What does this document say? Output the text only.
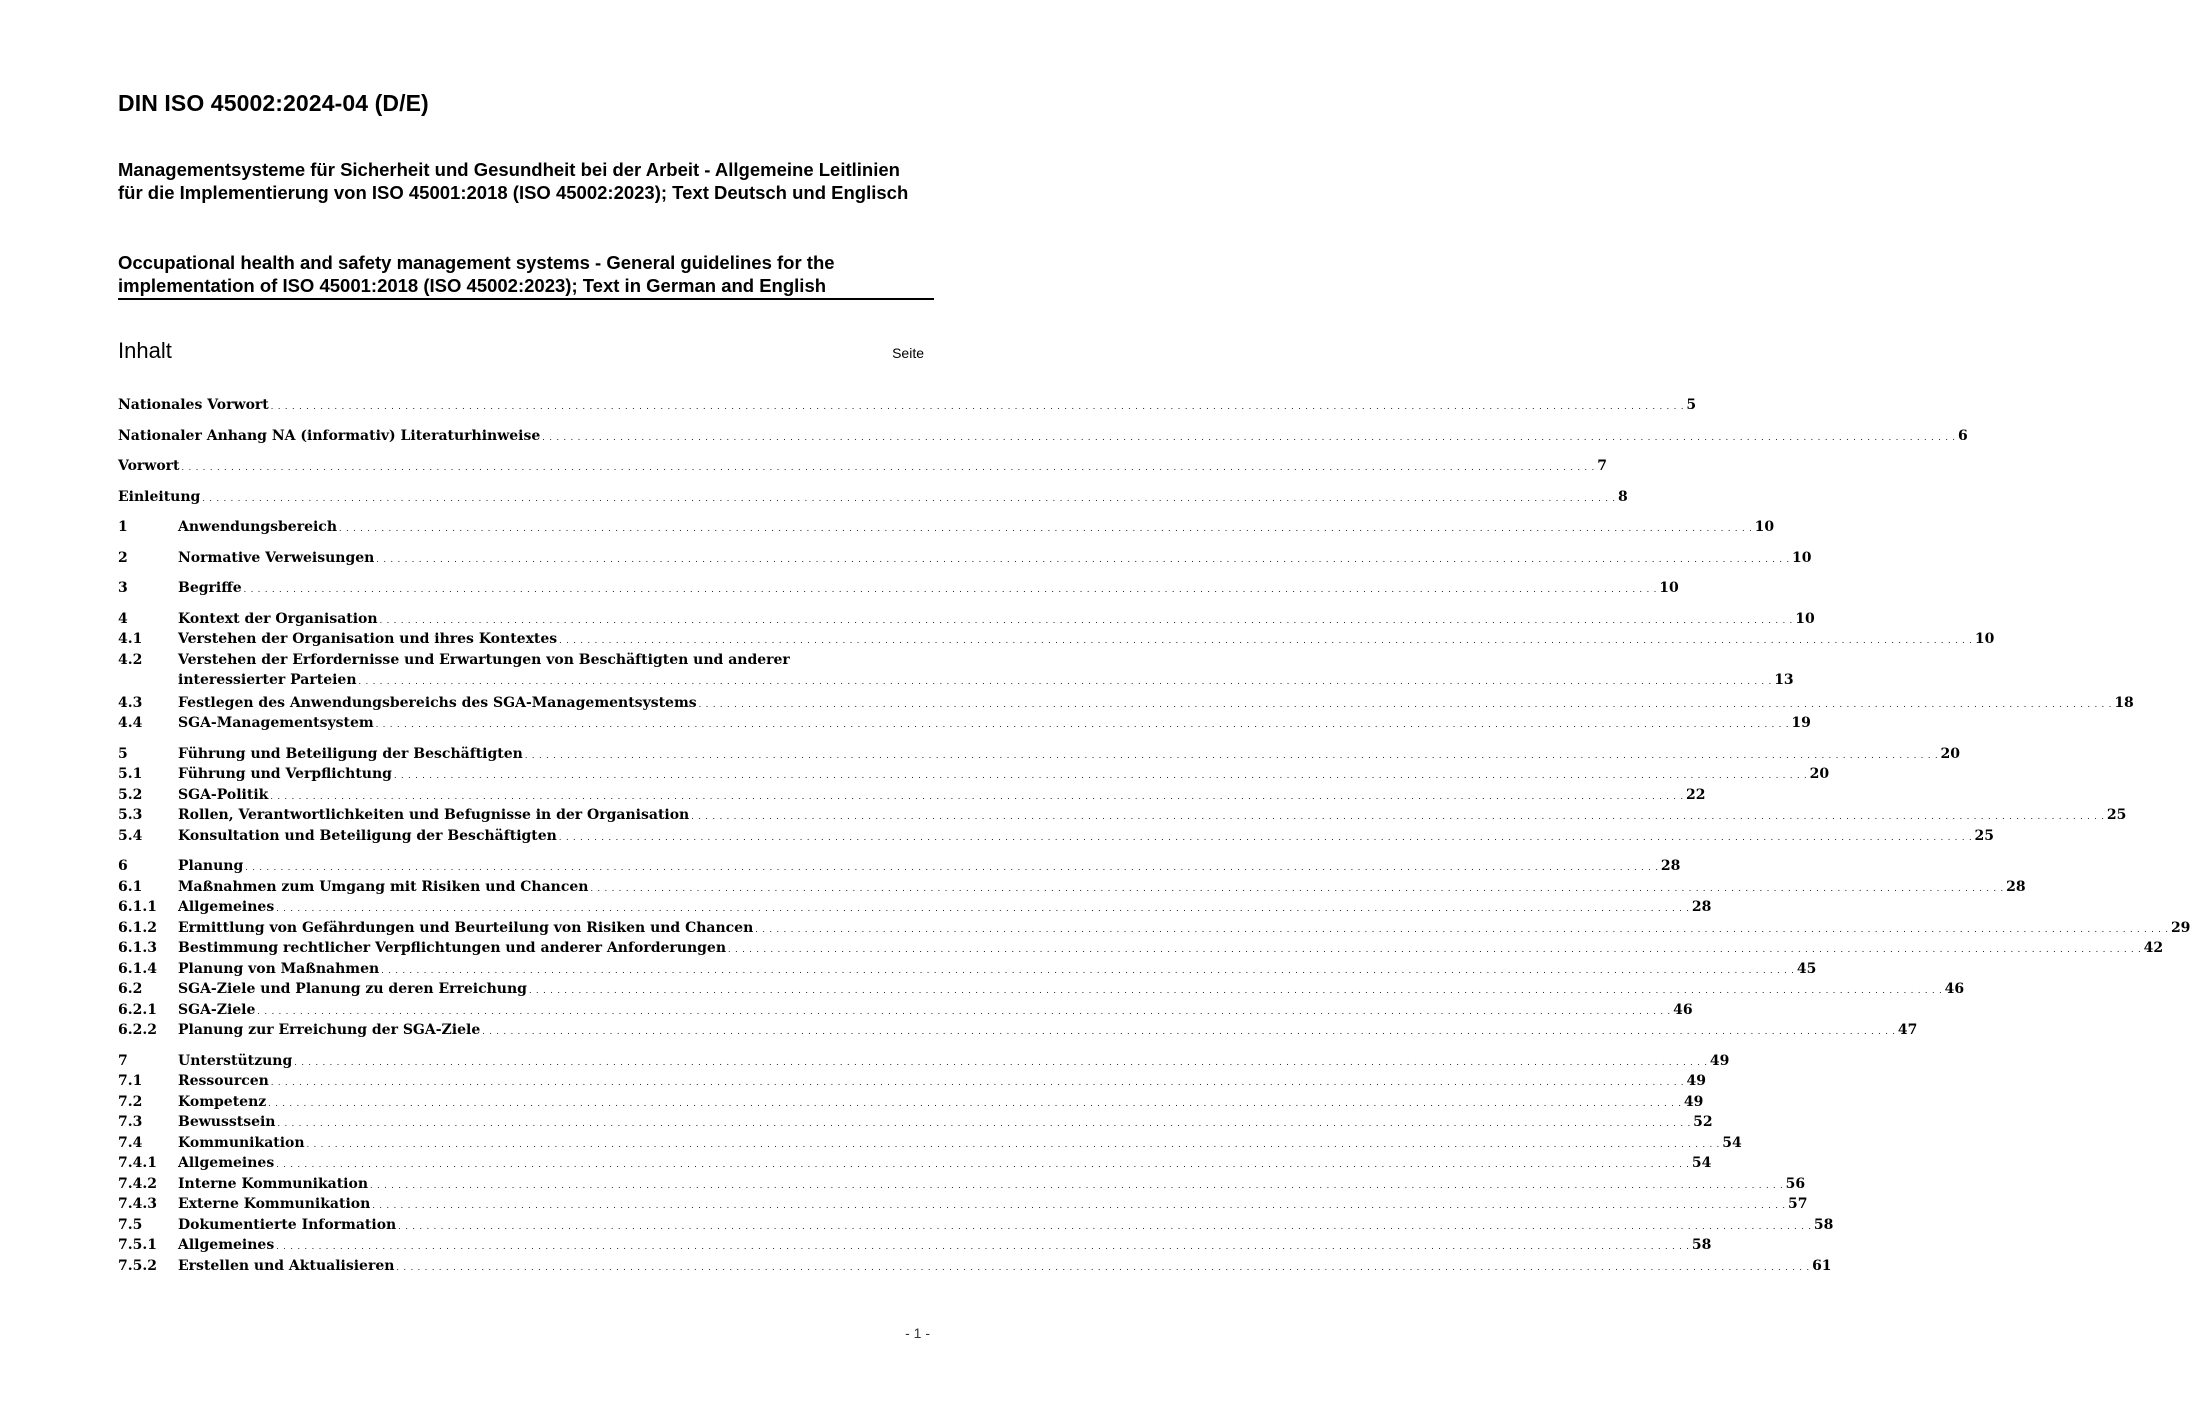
DIN ISO 45002:2024-04 (D/E)
Managementsysteme für Sicherheit und Gesundheit bei der Arbeit - Allgemeine Leitlinien für die Implementierung von ISO 45001:2018 (ISO 45002:2023); Text Deutsch und Englisch
Occupational health and safety management systems - General guidelines for the implementation of ISO 45001:2018 (ISO 45002:2023); Text in German and English
Inhalt	Seite
Nationales Vorwort . . . . . . . . . . . . . . . . . . . . . . . . . . . . . . . . . . . . . . . . . . . . . . . . . . . . . . . . . . . . . . . . . . . . . . . . . . . . . . . . . . . . . . . . . . . . . . . . . . . . . . . . . . . . . . . . . . . . . . . . . . . . . . . . . . . . . . . . . . . . . . . . . . . . . . . . . . . . . . . . . . . . . . . . . . . . . . . . . . . . . . . . . . . . . . . . . . . . . . . . 5
Nationaler Anhang NA (informativ) Literaturhinweise . . . . . . . . . . . . . . . . . . . . . . . . . . . . . . . . . . . . . . . . . . . . . . . . . . . . . . . . . . . . . . . . . . . . . . . . . . . . . . . . . . . . . . . . . . . . . . . . . . . . . . . . . . . . . . . . . . . . . . . . . . . . . . . . . . . . . . . . . . . . . . . . . . . . . . . . . . . . . . . . . . . . . . . . . . . . . . . . . . . . . . . . . . . . . . . . . . . . . . . . 6
Vorwort . . . . . . . . . . . . . . . . . . . . . . . . . . . . . . . . . . . . . . . . . . . . . . . . . . . . . . . . . . . . . . . . . . . . . . . . . . . . . . . . . . . . . . . . . . . . . . . . . . . . . . . . . . . . . . . . . . . . . . . . . . . . . . . . . . . . . . . . . . . . . . . . . . . . . . . . . . . . . . . . . . . . . . . . . . . . . . . . . . . . . . . . . . . . . . . . . . . . . . . . 7
Einleitung . . . . . . . . . . . . . . . . . . . . . . . . . . . . . . . . . . . . . . . . . . . . . . . . . . . . . . . . . . . . . . . . . . . . . . . . . . . . . . . . . . . . . . . . . . . . . . . . . . . . . . . . . . . . . . . . . . . . . . . . . . . . . . . . . . . . . . . . . . . . . . . . . . . . . . . . . . . . . . . . . . . . . . . . . . . . . . . . . . . . . . . . . . . . . . . . . . . . . . . . 8
1	Anwendungsbereich . . . . . . . . . . . . . . . . . . . . . . . . . . . . . . . . . . . . . . . . . . . . . . . . . . . . . . . . . . . . . . . . . . . . . . . . . . . . . . . . . . . . . . . . . . . . . . . . . . . . . . . . . . . . . . . . . . . . . . . . . . . . . . . . . . . . . . . . . . . . . . . . . . . . . . . . . . . . . . . . . . . . . . . . . . . . . . . . . . . . . . . . . . . . . . . . . . . . . . . . 10
2	Normative Verweisungen . . . . . . . . . . . . . . . . . . . . . . . . . . . . . . . . . . . . . . . . . . . . . . . . . . . . . . . . . . . . . . . . . . . . . . . . . . . . . . . . . . . . . . . . . . . . . . . . . . . . . . . . . . . . . . . . . . . . . . . . . . . . . . . . . . . . . . . . . . . . . . . . . . . . . . . . . . . . . . . . . . . . . . . . . . . . . . . . . . . . . . . . . . . . . . . . . . . . . . . . 10
3	Begriffe . . . . . . . . . . . . . . . . . . . . . . . . . . . . . . . . . . . . . . . . . . . . . . . . . . . . . . . . . . . . . . . . . . . . . . . . . . . . . . . . . . . . . . . . . . . . . . . . . . . . . . . . . . . . . . . . . . . . . . . . . . . . . . . . . . . . . . . . . . . . . . . . . . . . . . . . . . . . . . . . . . . . . . . . . . . . . . . . . . . . . . . . . . . . . . . . . . . . . . . . 10
4	Kontext der Organisation . . . . . . . . . . . . . . . . . . . . . . . . . . . . . . . . . . . . . . . . . . . . . . . . . . . . . . . . . . . . . . . . . . . . . . . . . . . . . . . . . . . . . . . . . . . . . . . . . . . . . . . . . . . . . . . . . . . . . . . . . . . . . . . . . . . . . . . . . . . . . . . . . . . . . . . . . . . . . . . . . . . . . . . . . . . . . . . . . . . . . . . . . . . . . . . . . . . . . . . . 10
4.1	Verstehen der Organisation und ihres Kontextes . . . . . . . . . . . . . . . . . . . . . . . . . . . . . . . . . . . . . . . . . . . . . . . . . . . . . . . . . . . . . . . . . . . . . . . . . . . . . . . . . . . . . . . . . . . . . . . . . . . . . . . . . . . . . . . . . . . . . . . . . . . . . . . . . . . . . . . . . . . . . . . . . . . . . . . . . . . . . . . . . . . . . . . . . . . . . . . . . . . . . . . . . . . . . . . . . . . . . . . . 10
4.2	Verstehen der Erfordernisse und Erwartungen von Beschäftigten und anderer
interessierter Parteien . . . . . . . . . . . . . . . . . . . . . . . . . . . . . . . . . . . . . . . . . . . . . . . . . . . . . . . . . . . . . . . . . . . . . . . . . . . . . . . . . . . . . . . . . . . . . . . . . . . . . . . . . . . . . . . . . . . . . . . . . . . . . . . . . . . . . . . . . . . . . . . . . . . . . . . . . . . . . . . . . . . . . . . . . . . . . . . . . . . . . . . . . . . . . . . . . . . . . . . . 13
4.3	Festlegen des Anwendungsbereichs des SGA-Managementsystems . . . . . . . . . . . . . . . . . . . . . . . . . . . . . . . . . . . . . . . . . . . . . . . . . . . . . . . . . . . . . . . . . . . . . . . . . . . . . . . . . . . . . . . . . . . . . . . . . . . . . . . . . . . . . . . . . . . . . . . . . . . . . . . . . . . . . . . . . . . . . . . . . . . . . . . . . . . . . . . . . . . . . . . . . . . . . . . . . . . . . . . . . . . . . . . . . . . . . . . . 18
4.4	SGA-Managementsystem . . . . . . . . . . . . . . . . . . . . . . . . . . . . . . . . . . . . . . . . . . . . . . . . . . . . . . . . . . . . . . . . . . . . . . . . . . . . . . . . . . . . . . . . . . . . . . . . . . . . . . . . . . . . . . . . . . . . . . . . . . . . . . . . . . . . . . . . . . . . . . . . . . . . . . . . . . . . . . . . . . . . . . . . . . . . . . . . . . . . . . . . . . . . . . . . . . . . . . . . 19
5	Führung und Beteiligung der Beschäftigten . . . . . . . . . . . . . . . . . . . . . . . . . . . . . . . . . . . . . . . . . . . . . . . . . . . . . . . . . . . . . . . . . . . . . . . . . . . . . . . . . . . . . . . . . . . . . . . . . . . . . . . . . . . . . . . . . . . . . . . . . . . . . . . . . . . . . . . . . . . . . . . . . . . . . . . . . . . . . . . . . . . . . . . . . . . . . . . . . . . . . . . . . . . . . . . . . . . . . . . . 20
5.1	Führung und Verpflichtung . . . . . . . . . . . . . . . . . . . . . . . . . . . . . . . . . . . . . . . . . . . . . . . . . . . . . . . . . . . . . . . . . . . . . . . . . . . . . . . . . . . . . . . . . . . . . . . . . . . . . . . . . . . . . . . . . . . . . . . . . . . . . . . . . . . . . . . . . . . . . . . . . . . . . . . . . . . . . . . . . . . . . . . . . . . . . . . . . . . . . . . . . . . . . . . . . . . . . . . . 20
5.2	SGA-Politik . . . . . . . . . . . . . . . . . . . . . . . . . . . . . . . . . . . . . . . . . . . . . . . . . . . . . . . . . . . . . . . . . . . . . . . . . . . . . . . . . . . . . . . . . . . . . . . . . . . . . . . . . . . . . . . . . . . . . . . . . . . . . . . . . . . . . . . . . . . . . . . . . . . . . . . . . . . . . . . . . . . . . . . . . . . . . . . . . . . . . . . . . . . . . . . . . . . . . . . . 22
5.3	Rollen, Verantwortlichkeiten und Befugnisse in der Organisation . . . . . . . . . . . . . . . . . . . . . . . . . . . . . . . . . . . . . . . . . . . . . . . . . . . . . . . . . . . . . . . . . . . . . . . . . . . . . . . . . . . . . . . . . . . . . . . . . . . . . . . . . . . . . . . . . . . . . . . . . . . . . . . . . . . . . . . . . . . . . . . . . . . . . . . . . . . . . . . . . . . . . . . . . . . . . . . . . . . . . . . . . . . . . . . . . . . . . . . . 25
5.4	Konsultation und Beteiligung der Beschäftigten . . . . . . . . . . . . . . . . . . . . . . . . . . . . . . . . . . . . . . . . . . . . . . . . . . . . . . . . . . . . . . . . . . . . . . . . . . . . . . . . . . . . . . . . . . . . . . . . . . . . . . . . . . . . . . . . . . . . . . . . . . . . . . . . . . . . . . . . . . . . . . . . . . . . . . . . . . . . . . . . . . . . . . . . . . . . . . . . . . . . . . . . . . . . . . . . . . . . . . . . 25
6	Planung . . . . . . . . . . . . . . . . . . . . . . . . . . . . . . . . . . . . . . . . . . . . . . . . . . . . . . . . . . . . . . . . . . . . . . . . . . . . . . . . . . . . . . . . . . . . . . . . . . . . . . . . . . . . . . . . . . . . . . . . . . . . . . . . . . . . . . . . . . . . . . . . . . . . . . . . . . . . . . . . . . . . . . . . . . . . . . . . . . . . . . . . . . . . . . . . . . . . . . . . 28
6.1	Maßnahmen zum Umgang mit Risiken und Chancen . . . . . . . . . . . . . . . . . . . . . . . . . . . . . . . . . . . . . . . . . . . . . . . . . . . . . . . . . . . . . . . . . . . . . . . . . . . . . . . . . . . . . . . . . . . . . . . . . . . . . . . . . . . . . . . . . . . . . . . . . . . . . . . . . . . . . . . . . . . . . . . . . . . . . . . . . . . . . . . . . . . . . . . . . . . . . . . . . . . . . . . . . . . . . . . . . . . . . . . . 28
6.1.1	Allgemeines . . . . . . . . . . . . . . . . . . . . . . . . . . . . . . . . . . . . . . . . . . . . . . . . . . . . . . . . . . . . . . . . . . . . . . . . . . . . . . . . . . . . . . . . . . . . . . . . . . . . . . . . . . . . . . . . . . . . . . . . . . . . . . . . . . . . . . . . . . . . . . . . . . . . . . . . . . . . . . . . . . . . . . . . . . . . . . . . . . . . . . . . . . . . . . . . . . . . . . . . 28
6.1.2	Ermittlung von Gefährdungen und Beurteilung von Risiken und Chancen . . . . . . . . . . . . . . . . . . . . . . . . . . . . . . . . . . . . . . . . . . . . . . . . . . . . . . . . . . . . . . . . . . . . . . . . . . . . . . . . . . . . . . . . . . . . . . . . . . . . . . . . . . . . . . . . . . . . . . . . . . . . . . . . . . . . . . . . . . . . . . . . . . . . . . . . . . . . . . . . . . . . . . . . . . . . . . . . . . . . . . . . . . . . . . . . . . . . . . . . 29
6.1.3	Bestimmung rechtlicher Verpflichtungen und anderer Anforderungen . . . . . . . . . . . . . . . . . . . . . . . . . . . . . . . . . . . . . . . . . . . . . . . . . . . . . . . . . . . . . . . . . . . . . . . . . . . . . . . . . . . . . . . . . . . . . . . . . . . . . . . . . . . . . . . . . . . . . . . . . . . . . . . . . . . . . . . . . . . . . . . . . . . . . . . . . . . . . . . . . . . . . . . . . . . . . . . . . . . . . . . . . . . . . . . . . . . . . . . . 42
6.1.4	Planung von Maßnahmen . . . . . . . . . . . . . . . . . . . . . . . . . . . . . . . . . . . . . . . . . . . . . . . . . . . . . . . . . . . . . . . . . . . . . . . . . . . . . . . . . . . . . . . . . . . . . . . . . . . . . . . . . . . . . . . . . . . . . . . . . . . . . . . . . . . . . . . . . . . . . . . . . . . . . . . . . . . . . . . . . . . . . . . . . . . . . . . . . . . . . . . . . . . . . . . . . . . . . . . . 45
6.2	SGA-Ziele und Planung zu deren Erreichung . . . . . . . . . . . . . . . . . . . . . . . . . . . . . . . . . . . . . . . . . . . . . . . . . . . . . . . . . . . . . . . . . . . . . . . . . . . . . . . . . . . . . . . . . . . . . . . . . . . . . . . . . . . . . . . . . . . . . . . . . . . . . . . . . . . . . . . . . . . . . . . . . . . . . . . . . . . . . . . . . . . . . . . . . . . . . . . . . . . . . . . . . . . . . . . . . . . . . . . . 46
6.2.1	SGA-Ziele . . . . . . . . . . . . . . . . . . . . . . . . . . . . . . . . . . . . . . . . . . . . . . . . . . . . . . . . . . . . . . . . . . . . . . . . . . . . . . . . . . . . . . . . . . . . . . . . . . . . . . . . . . . . . . . . . . . . . . . . . . . . . . . . . . . . . . . . . . . . . . . . . . . . . . . . . . . . . . . . . . . . . . . . . . . . . . . . . . . . . . . . . . . . . . . . . . . . . . . . 46
6.2.2	Planung zur Erreichung der SGA-Ziele . . . . . . . . . . . . . . . . . . . . . . . . . . . . . . . . . . . . . . . . . . . . . . . . . . . . . . . . . . . . . . . . . . . . . . . . . . . . . . . . . . . . . . . . . . . . . . . . . . . . . . . . . . . . . . . . . . . . . . . . . . . . . . . . . . . . . . . . . . . . . . . . . . . . . . . . . . . . . . . . . . . . . . . . . . . . . . . . . . . . . . . . . . . . . . . . . . . . . . . . 47
7	Unterstützung . . . . . . . . . . . . . . . . . . . . . . . . . . . . . . . . . . . . . . . . . . . . . . . . . . . . . . . . . . . . . . . . . . . . . . . . . . . . . . . . . . . . . . . . . . . . . . . . . . . . . . . . . . . . . . . . . . . . . . . . . . . . . . . . . . . . . . . . . . . . . . . . . . . . . . . . . . . . . . . . . . . . . . . . . . . . . . . . . . . . . . . . . . . . . . . . . . . . . . . . 49
7.1	Ressourcen . . . . . . . . . . . . . . . . . . . . . . . . . . . . . . . . . . . . . . . . . . . . . . . . . . . . . . . . . . . . . . . . . . . . . . . . . . . . . . . . . . . . . . . . . . . . . . . . . . . . . . . . . . . . . . . . . . . . . . . . . . . . . . . . . . . . . . . . . . . . . . . . . . . . . . . . . . . . . . . . . . . . . . . . . . . . . . . . . . . . . . . . . . . . . . . . . . . . . . . . 49
7.2	Kompetenz . . . . . . . . . . . . . . . . . . . . . . . . . . . . . . . . . . . . . . . . . . . . . . . . . . . . . . . . . . . . . . . . . . . . . . . . . . . . . . . . . . . . . . . . . . . . . . . . . . . . . . . . . . . . . . . . . . . . . . . . . . . . . . . . . . . . . . . . . . . . . . . . . . . . . . . . . . . . . . . . . . . . . . . . . . . . . . . . . . . . . . . . . . . . . . . . . . . . . . . . 49
7.3	Bewusstsein . . . . . . . . . . . . . . . . . . . . . . . . . . . . . . . . . . . . . . . . . . . . . . . . . . . . . . . . . . . . . . . . . . . . . . . . . . . . . . . . . . . . . . . . . . . . . . . . . . . . . . . . . . . . . . . . . . . . . . . . . . . . . . . . . . . . . . . . . . . . . . . . . . . . . . . . . . . . . . . . . . . . . . . . . . . . . . . . . . . . . . . . . . . . . . . . . . . . . . . . 52
7.4	Kommunikation . . . . . . . . . . . . . . . . . . . . . . . . . . . . . . . . . . . . . . . . . . . . . . . . . . . . . . . . . . . . . . . . . . . . . . . . . . . . . . . . . . . . . . . . . . . . . . . . . . . . . . . . . . . . . . . . . . . . . . . . . . . . . . . . . . . . . . . . . . . . . . . . . . . . . . . . . . . . . . . . . . . . . . . . . . . . . . . . . . . . . . . . . . . . . . . . . . . . . . . . 54
7.4.1	Allgemeines . . . . . . . . . . . . . . . . . . . . . . . . . . . . . . . . . . . . . . . . . . . . . . . . . . . . . . . . . . . . . . . . . . . . . . . . . . . . . . . . . . . . . . . . . . . . . . . . . . . . . . . . . . . . . . . . . . . . . . . . . . . . . . . . . . . . . . . . . . . . . . . . . . . . . . . . . . . . . . . . . . . . . . . . . . . . . . . . . . . . . . . . . . . . . . . . . . . . . . . . 54
7.4.2	Interne Kommunikation . . . . . . . . . . . . . . . . . . . . . . . . . . . . . . . . . . . . . . . . . . . . . . . . . . . . . . . . . . . . . . . . . . . . . . . . . . . . . . . . . . . . . . . . . . . . . . . . . . . . . . . . . . . . . . . . . . . . . . . . . . . . . . . . . . . . . . . . . . . . . . . . . . . . . . . . . . . . . . . . . . . . . . . . . . . . . . . . . . . . . . . . . . . . . . . . . . . . . . . . 56
7.4.3	Externe Kommunikation . . . . . . . . . . . . . . . . . . . . . . . . . . . . . . . . . . . . . . . . . . . . . . . . . . . . . . . . . . . . . . . . . . . . . . . . . . . . . . . . . . . . . . . . . . . . . . . . . . . . . . . . . . . . . . . . . . . . . . . . . . . . . . . . . . . . . . . . . . . . . . . . . . . . . . . . . . . . . . . . . . . . . . . . . . . . . . . . . . . . . . . . . . . . . . . . . . . . . . . . 57
7.5	Dokumentierte Information . . . . . . . . . . . . . . . . . . . . . . . . . . . . . . . . . . . . . . . . . . . . . . . . . . . . . . . . . . . . . . . . . . . . . . . . . . . . . . . . . . . . . . . . . . . . . . . . . . . . . . . . . . . . . . . . . . . . . . . . . . . . . . . . . . . . . . . . . . . . . . . . . . . . . . . . . . . . . . . . . . . . . . . . . . . . . . . . . . . . . . . . . . . . . . . . . . . . . . . . 58
7.5.1	Allgemeines . . . . . . . . . . . . . . . . . . . . . . . . . . . . . . . . . . . . . . . . . . . . . . . . . . . . . . . . . . . . . . . . . . . . . . . . . . . . . . . . . . . . . . . . . . . . . . . . . . . . . . . . . . . . . . . . . . . . . . . . . . . . . . . . . . . . . . . . . . . . . . . . . . . . . . . . . . . . . . . . . . . . . . . . . . . . . . . . . . . . . . . . . . . . . . . . . . . . . . . . 58
7.5.2	Erstellen und Aktualisieren . . . . . . . . . . . . . . . . . . . . . . . . . . . . . . . . . . . . . . . . . . . . . . . . . . . . . . . . . . . . . . . . . . . . . . . . . . . . . . . . . . . . . . . . . . . . . . . . . . . . . . . . . . . . . . . . . . . . . . . . . . . . . . . . . . . . . . . . . . . . . . . . . . . . . . . . . . . . . . . . . . . . . . . . . . . . . . . . . . . . . . . . . . . . . . . . . . . . . . . . 61
- 1 -
